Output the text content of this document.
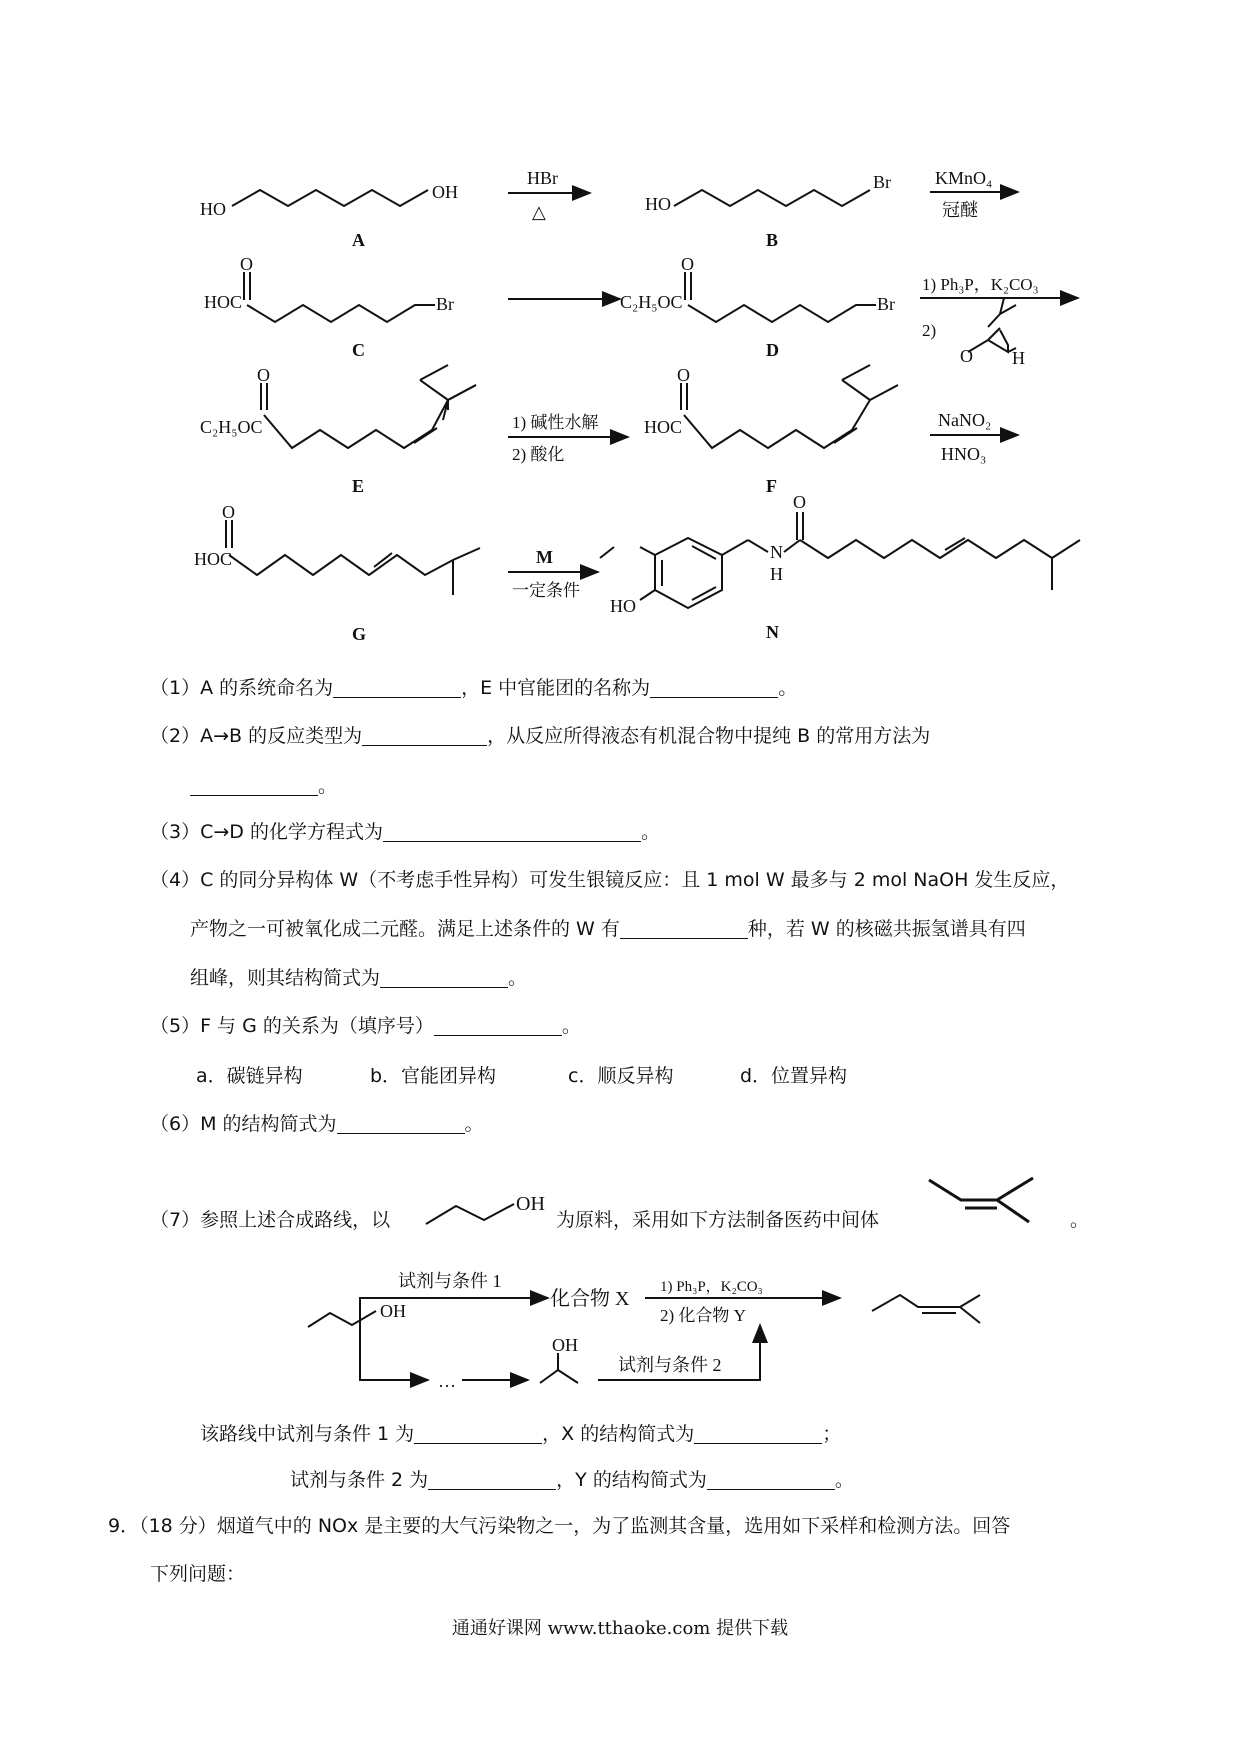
HO
OH
HBr
△	HO
Br KMnO₄
冠醚
HOC
O
Br	C₂H₅OC
O
Br
1) Ph₃P，K₂CO₃
2)
O H
C₂H₅OC
O
1) 碱性水解
2) 酸化
HOC
O
NaNO₂
HNO₃
HOC
O
M
一定条件
HO
N
H
O
A	B
C	D
E	F
G	N
（1）A 的系统命名为	，E 中官能团的名称为	。
（2）A→B 的反应类型为	，从反应所得液态有机混合物中提纯 B 的常用方法为
。
（3）C→D 的化学方程式为	。
（4）C 的同分异构体 W（不考虑手性异构）可发生银镜反应：且 1 mol W 最多与 2 mol NaOH 发生反应，
产物之一可被氧化成二元醛。满足上述条件的 W 有	种，若 W 的核磁共振氢谱具有四
组峰，则其结构简式为	。
（5）F 与 G 的关系为（填序号）	。
a．碳链异构	b．官能团异构	c．顺反异构	d．位置异构
（6）M 的结构简式为	。
（7）参照上述合成路线，以
OH
为原料，采用如下方法制备医药中间体	。
试剂与条件 1
化合物 X
1) Ph₃P，K₂CO₃
2) 化合物 Y
OH
…
OH
试剂与条件 2
该路线中试剂与条件 1 为	，X 的结构简式为	；
试剂与条件 2 为	，Y 的结构简式为	。
9．（18 分）烟道气中的 NOx 是主要的大气污染物之一，为了监测其含量，选用如下采样和检测方法。回答
下列问题：
通通好课网 www.tthaoke.com 提供下载
